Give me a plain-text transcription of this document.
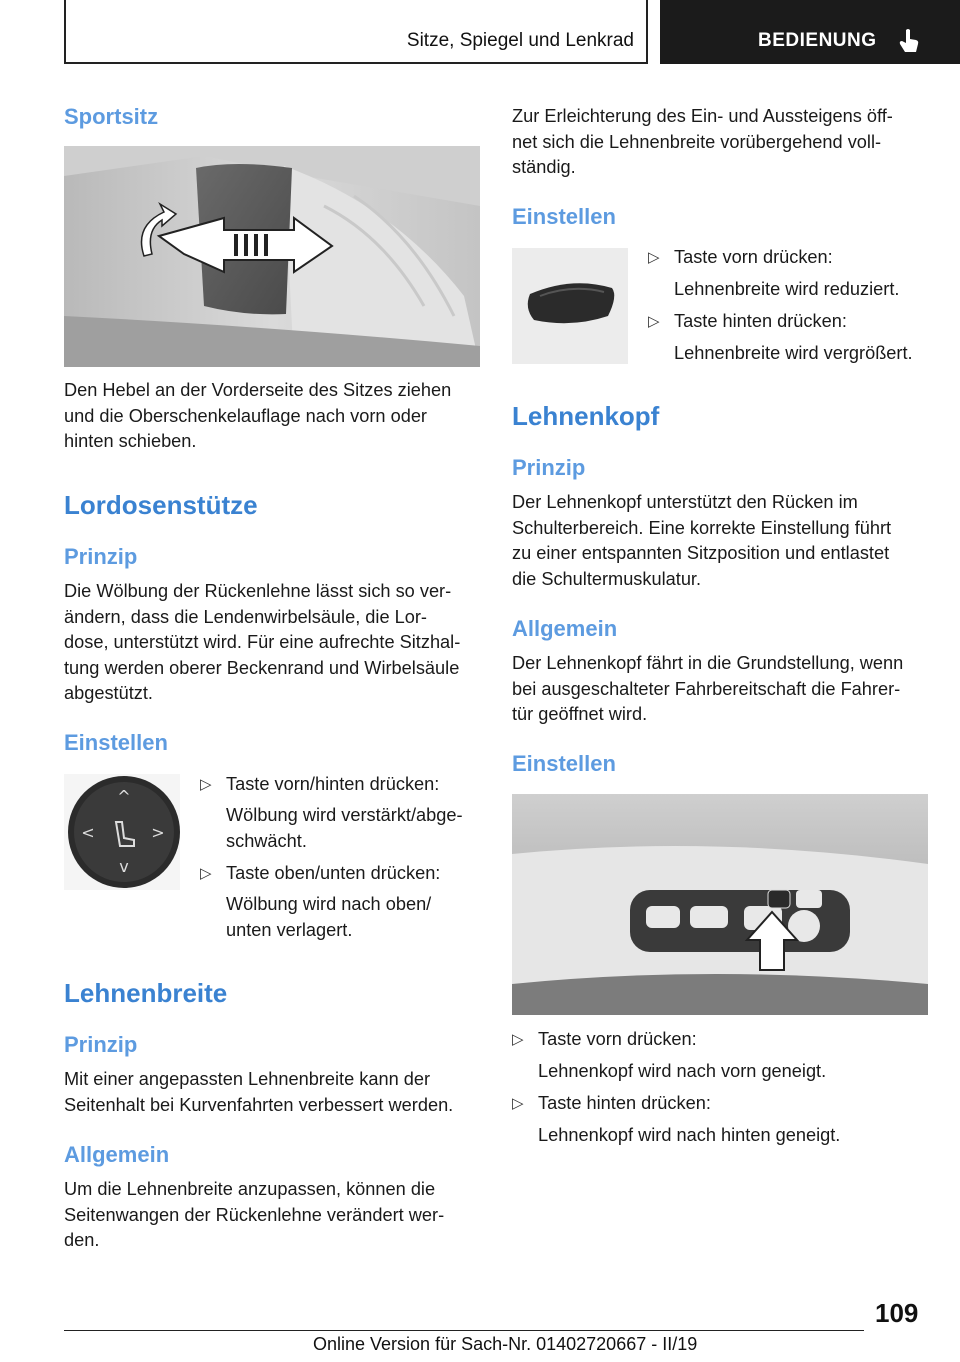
Sitze, Spiegel und Lenkrad	BEDIENUNG
Sportsitz

Den Hebel an der Vorderseite des Sitzes ziehen
und die Oberschenkelauflage nach vorn oder
hinten schieben.

Lordosenstütze
Prinzip

Die Wölbung der Rückenlehne lässt sich so ver-
ändern, dass die Lendenwirbelsäule, die Lor-
dose, unterstützt wird. Für eine aufrechte Sitzhal-
tung werden oberer Beckenrand und Wirbelsäule
abgestützt.

Einstellen
^
v
<	>
▷ Taste vorn/hinten drücken:
Wölbung wird verstärkt/abge-
schwächt.
▷ Taste oben/unten drücken:
Wölbung wird nach oben/
unten verlagert.
Lehnenbreite
Prinzip

Mit einer angepassten Lehnenbreite kann der
Seitenhalt bei Kurvenfahrten verbessert werden.

Allgemein

Um die Lehnenbreite anzupassen, können die
Seitenwangen der Rückenlehne verändert wer-
den.

Zur Erleichterung des Ein- und Aussteigens öff-
net sich die Lehnenbreite vorübergehend voll-
ständig.

Einstellen
▷ Taste vorn drücken:
Lehnenbreite wird reduziert.
▷ Taste hinten drücken:
Lehnenbreite wird vergrößert.
Lehnenkopf
Prinzip

Der Lehnenkopf unterstützt den Rücken im
Schulterbereich. Eine korrekte Einstellung führt
zu einer entspannten Sitzposition und entlastet
die Schultermuskulatur.

Allgemein

Der Lehnenkopf fährt in die Grundstellung, wenn
bei ausgeschalteter Fahrbereitschaft die Fahrer-
tür geöffnet wird.

Einstellen
▷ Taste vorn drücken:
Lehnenkopf wird nach vorn geneigt.
▷ Taste hinten drücken:
Lehnenkopf wird nach hinten geneigt.
109
Online Version für Sach-Nr. 01402720667 - II/19
